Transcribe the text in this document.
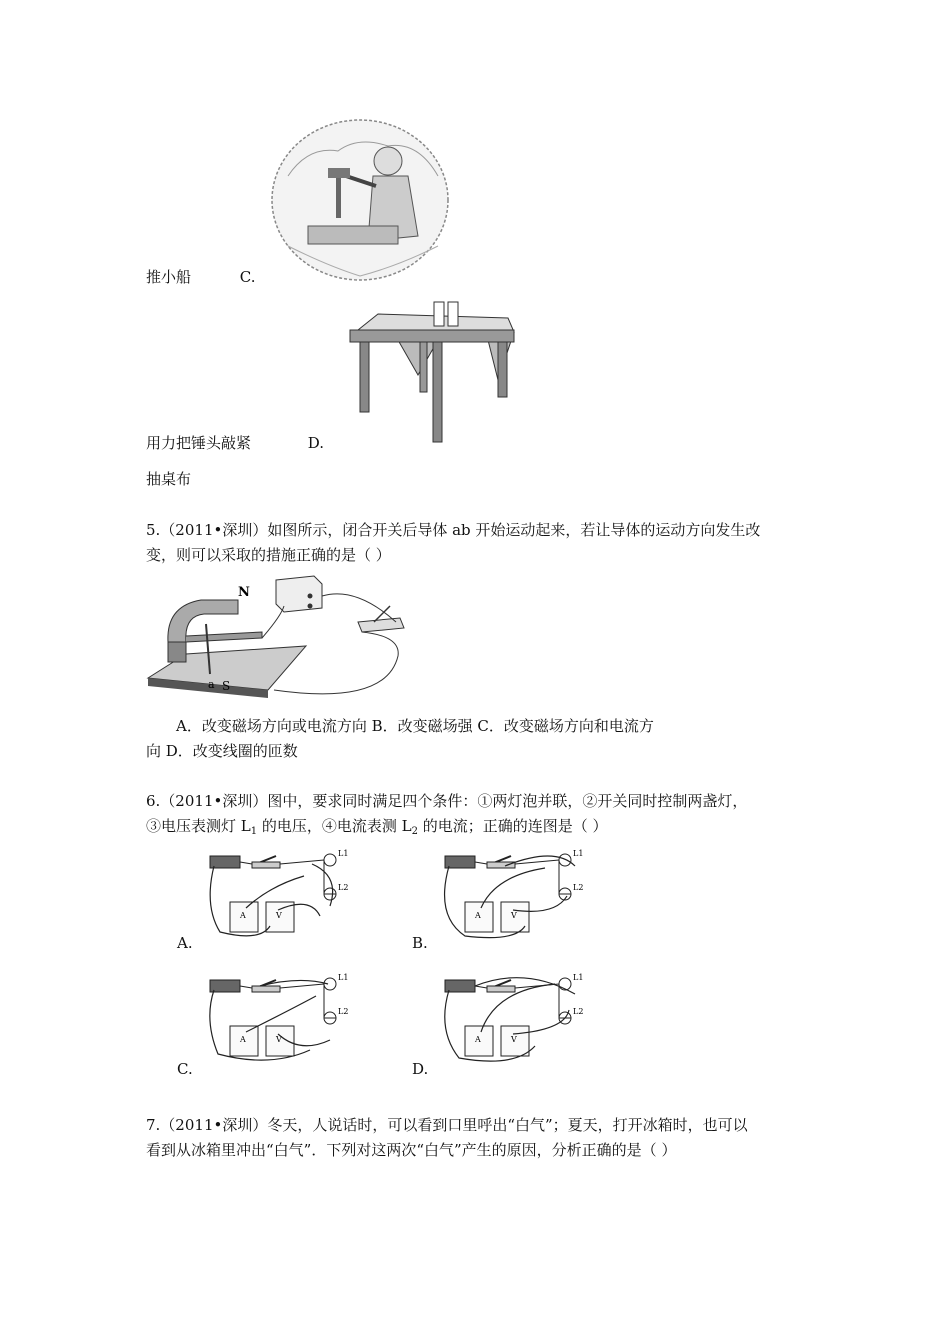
推小船	C.
用力把锤头敲紧	D.
抽桌布
5.（2011•深圳）如图所示，闭合开关后导体 ab 开始运动起来，若让导体的运动方向发生改
变，则可以采取的措施正确的是（ ）
N
S
a
A．改变磁场方向或电流方向 B．改变磁场强 C．改变磁场方向和电流方
向 D．改变线圈的匝数
6.（2011•深圳）图中，要求同时满足四个条件：①两灯泡并联，②开关同时控制两盏灯，
③电压表测灯 $L_1$ 的电压，④电流表测 $L_2$ 的电流；正确的连图是（ ）
L1
L2
A	V
L1
L2
A	V
L1
L2
A	V
L1
L2
A	V
A.	B.
C.	D.
7.（2011•深圳）冬天，人说话时，可以看到口里呼出“白气”；夏天，打开冰箱时，也可以
看到从冰箱里冲出“白气”．下列对这两次“白气”产生的原因，分析正确的是（ ）
